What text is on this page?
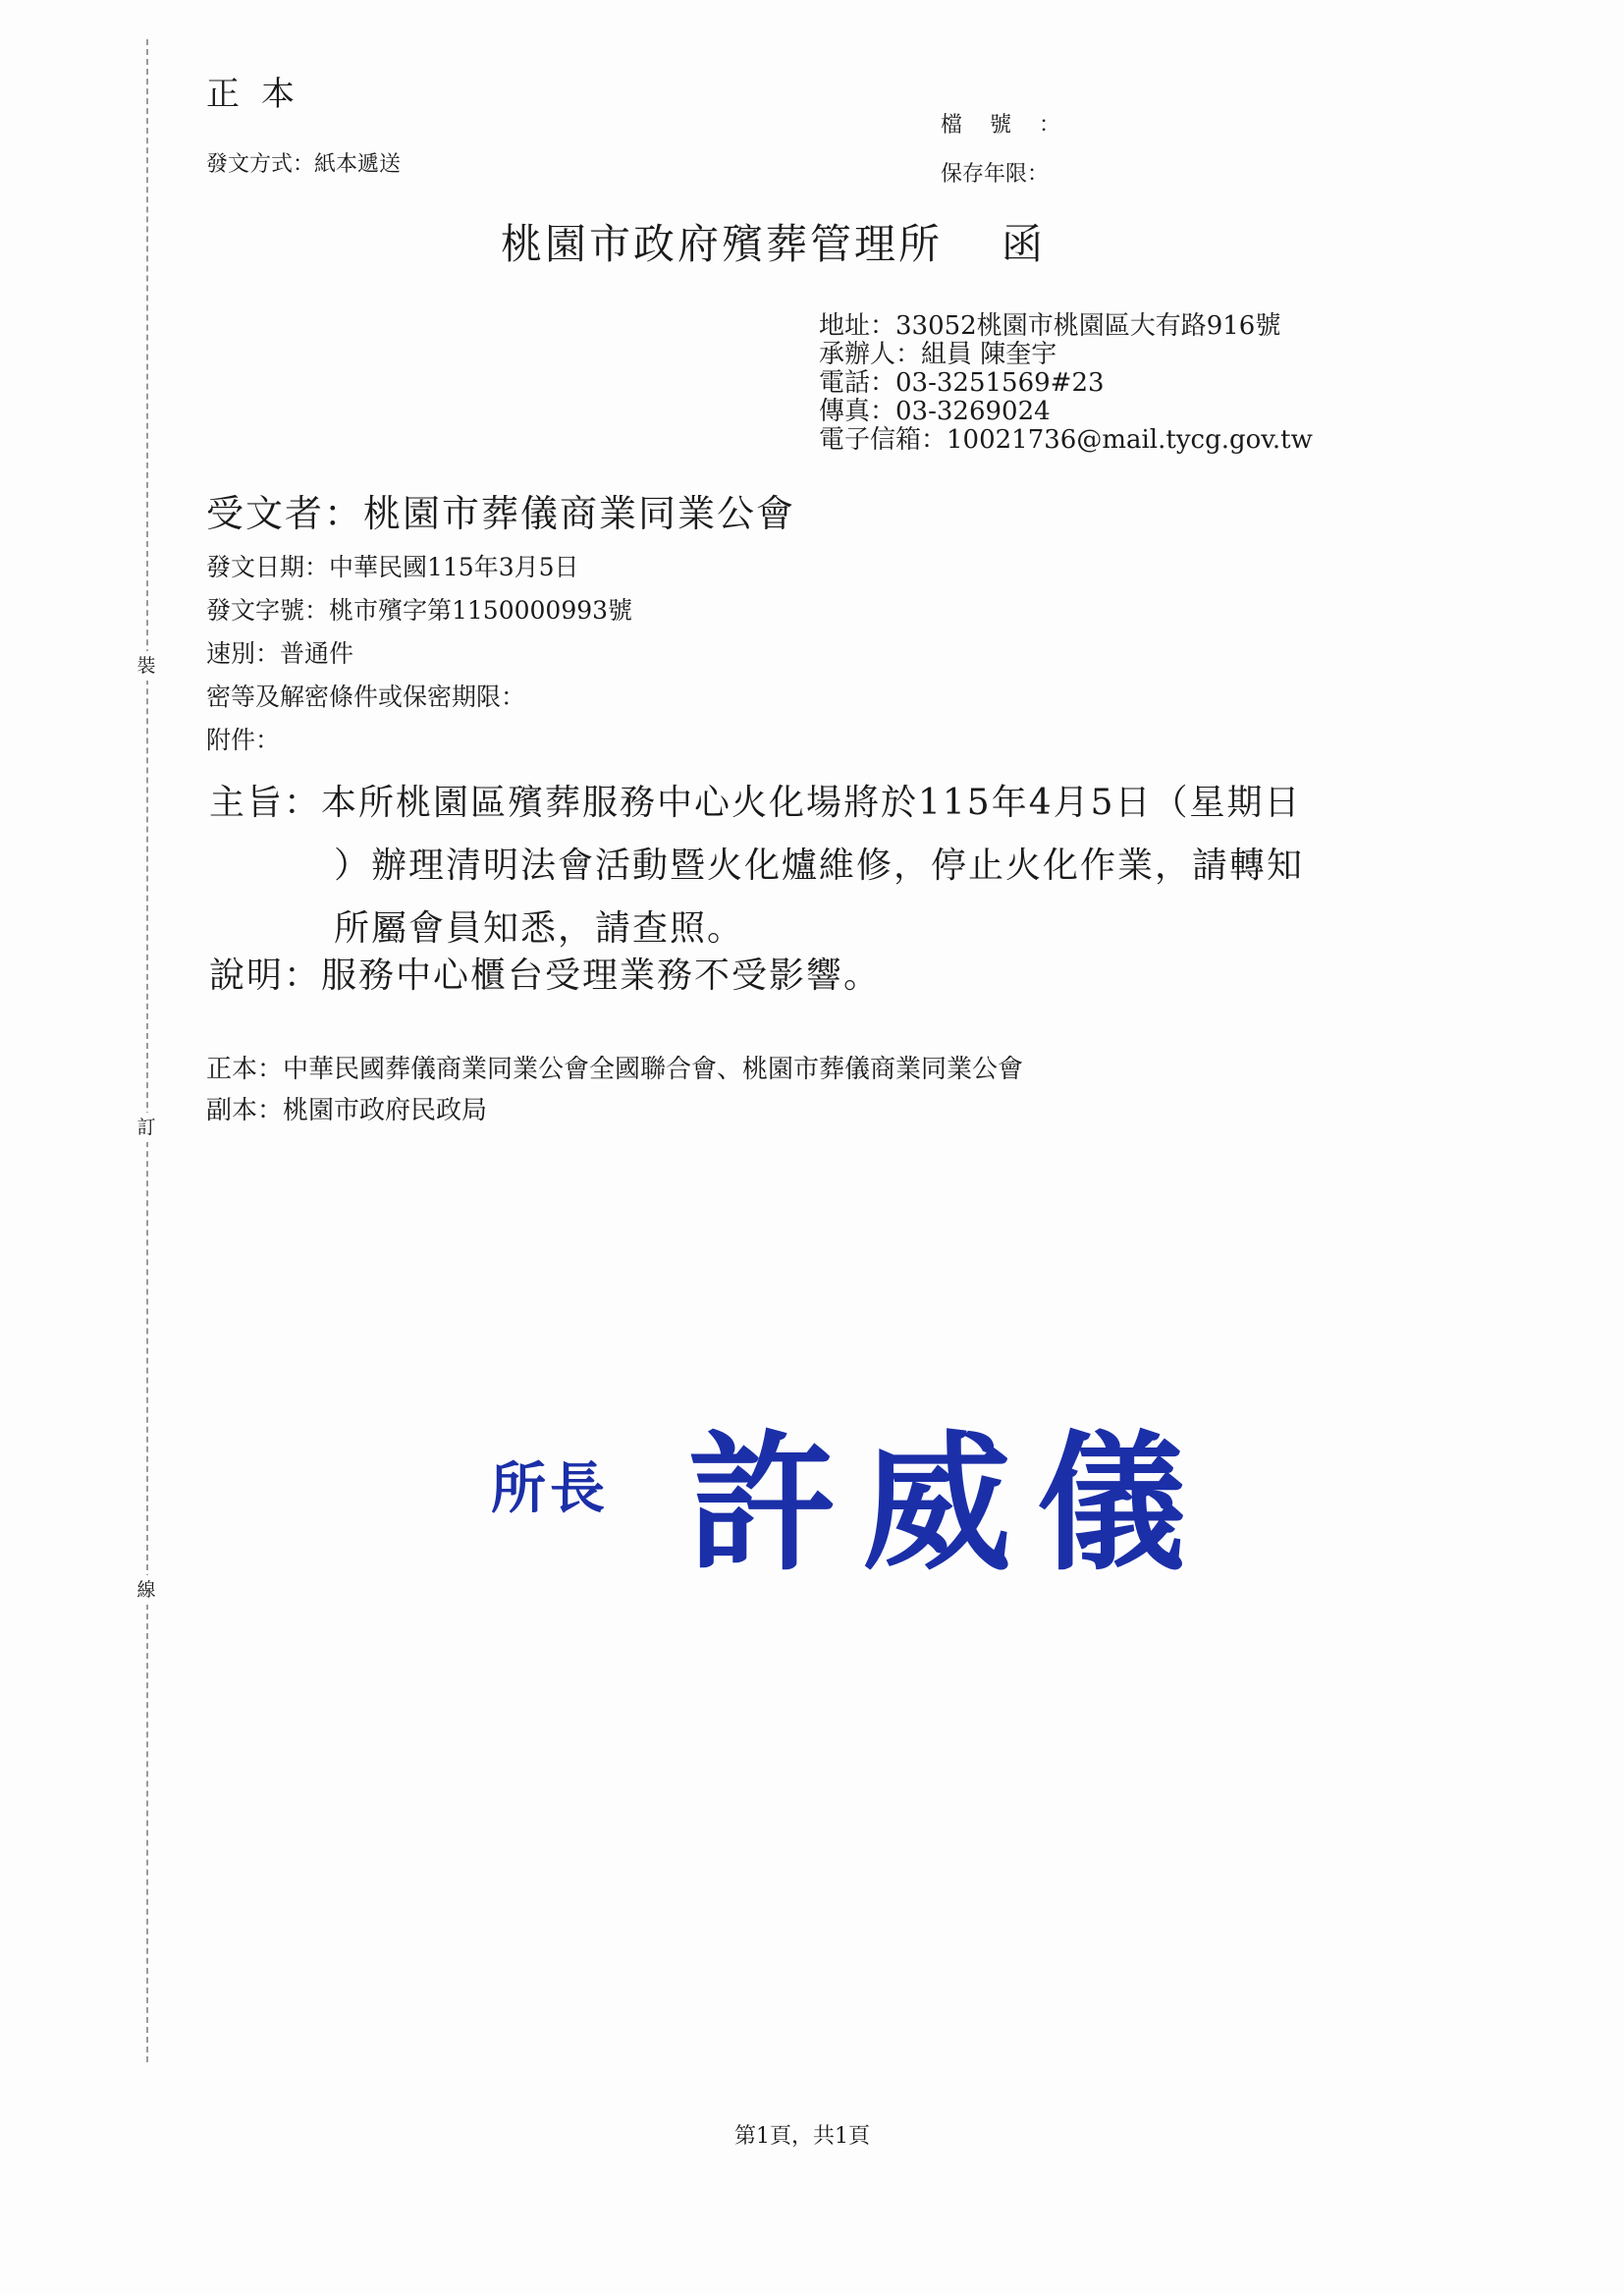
裝
訂
線
正本
發文方式：紙本遞送
檔號：
保存年限：
桃園市政府殯葬管理所 函
地址：33052桃園市桃園區大有路916號
承辦人：組員 陳奎宇
電話：03-3251569#23
傳真：03-3269024
電子信箱：10021736@mail.tycg.gov.tw
受文者：桃園市葬儀商業同業公會
發文日期：中華民國115年3月5日
發文字號：桃市殯字第1150000993號
速別：普通件
密等及解密條件或保密期限：
附件：
主旨：本所桃園區殯葬服務中心火化場將於115年4月5日（星期日
）辦理清明法會活動暨火化爐維修，停止火化作業，請轉知
所屬會員知悉，請查照。
說明：服務中心櫃台受理業務不受影響。
正本：中華民國葬儀商業同業公會全國聯合會、桃園市葬儀商業同業公會
副本：桃園市政府民政局
所長 許威儀
第1頁，共1頁
